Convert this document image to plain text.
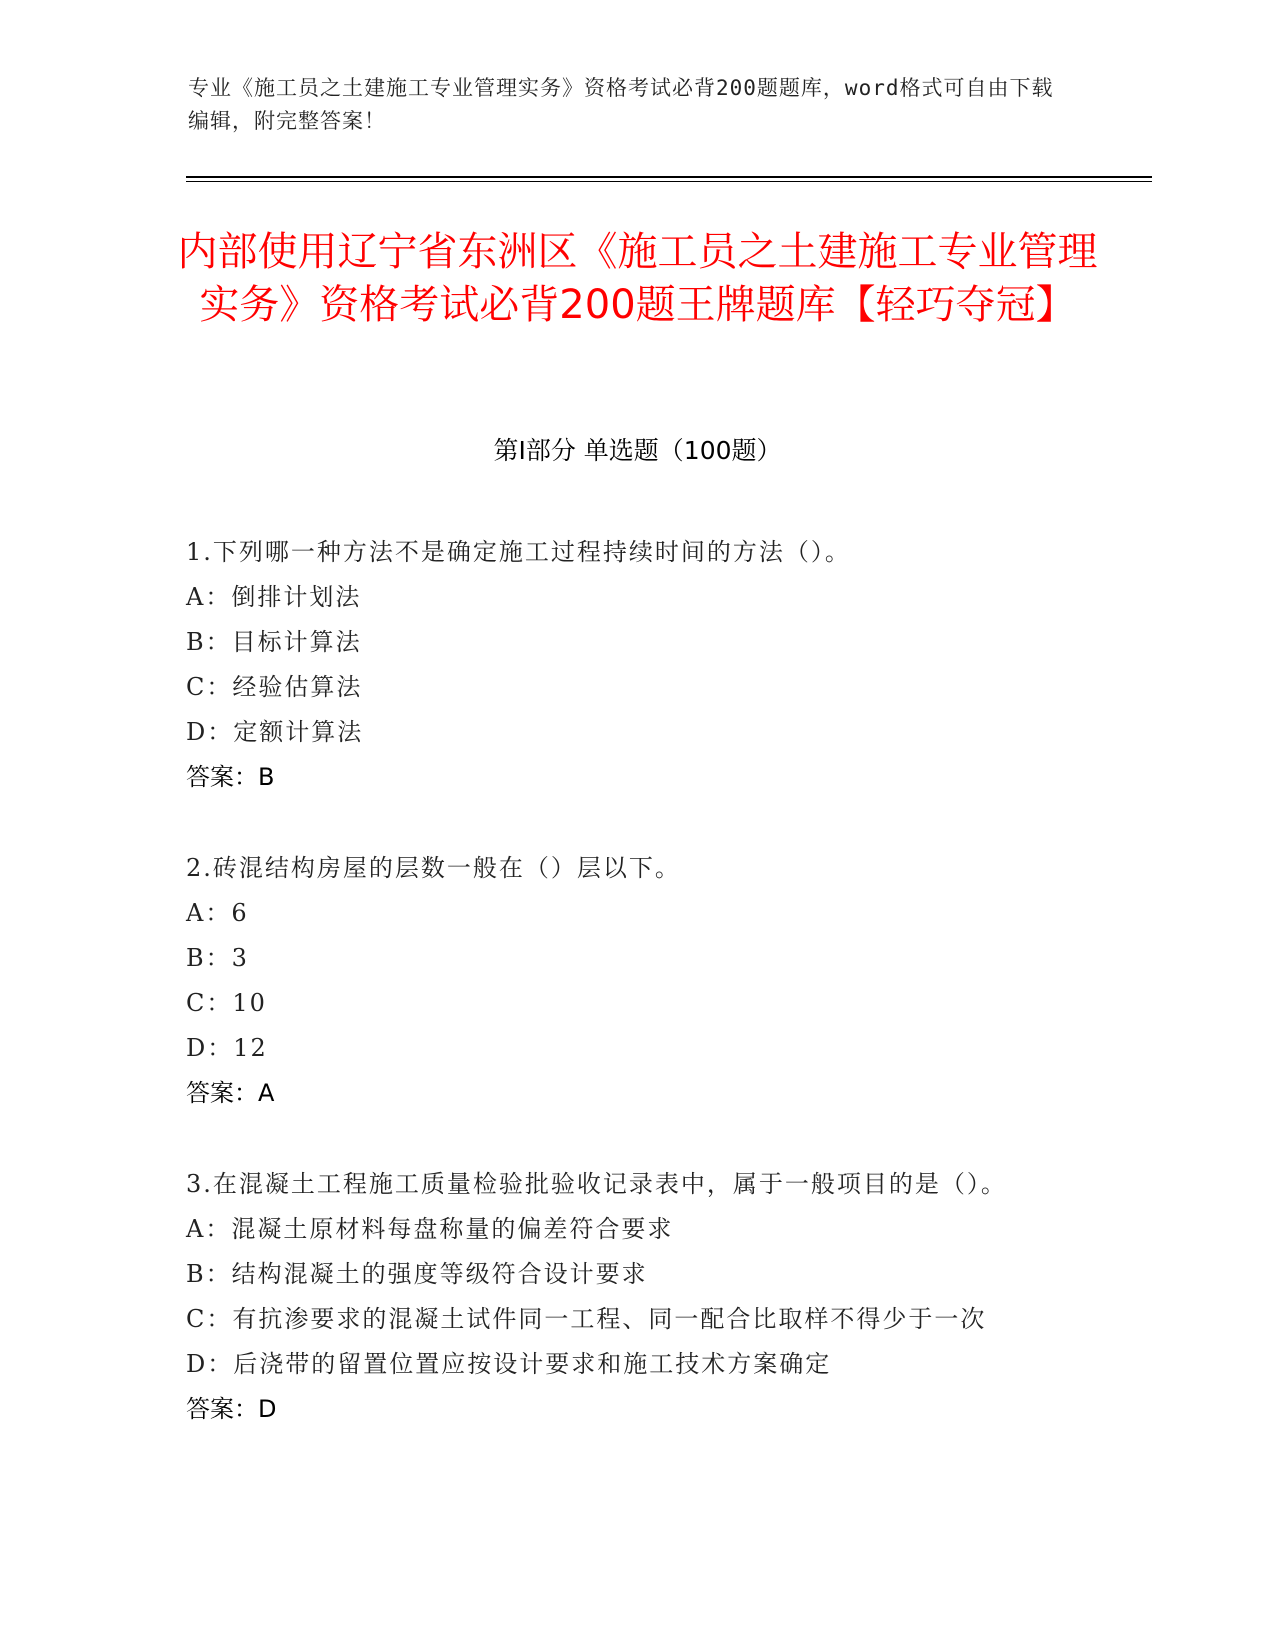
专业《施工员之土建施工专业管理实务》资格考试必背200题题库，word格式可自由下载编辑，附完整答案！
内部使用辽宁省东洲区《施工员之土建施工专业管理实务》资格考试必背200题王牌题库【轻巧夺冠】
第I部分 单选题（100题）
1.下列哪一种方法不是确定施工过程持续时间的方法（）。
A：倒排计划法
B：目标计算法
C：经验估算法
D：定额计算法
答案：B
2.砖混结构房屋的层数一般在（）层以下。
A：6
B：3
C：10
D：12
答案：A
3.在混凝土工程施工质量检验批验收记录表中，属于一般项目的是（）。
A：混凝土原材料每盘称量的偏差符合要求
B：结构混凝土的强度等级符合设计要求
C：有抗渗要求的混凝土试件同一工程、同一配合比取样不得少于一次
D：后浇带的留置位置应按设计要求和施工技术方案确定
答案：D
